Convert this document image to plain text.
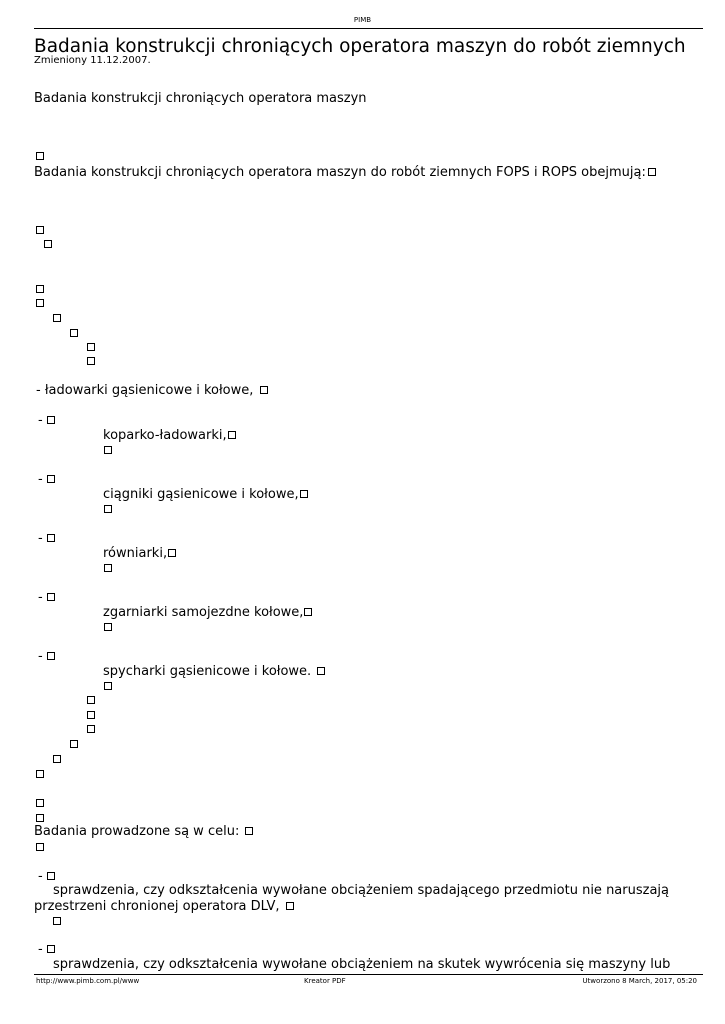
PIMB
Badania konstrukcji chroniących operatora maszyn do robót ziemnych
Zmieniony 11.12.2007.
Badania konstrukcji chroniących operatora maszyn
Badania konstrukcji chroniących operatora maszyn do robót ziemnych FOPS i ROPS obejmują:
- ładowarki gąsienicowe i kołowe,
-
koparko-ładowarki,
-
ciągniki gąsienicowe i kołowe,
-
równiarki,
-
zgarniarki samojezdne kołowe,
-
spycharki gąsienicowe i kołowe.
Badania prowadzone są w celu:
-
sprawdzenia, czy odkształcenia wywołane obciążeniem spadającego przedmiotu nie naruszają
przestrzeni chronionej operatora DLV,
-
sprawdzenia, czy odkształcenia wywołane obciążeniem na skutek wywrócenia się maszyny lub
http://www.pimb.com.pl/www	Kreator PDF	Utworzono 8 March, 2017, 05:20
